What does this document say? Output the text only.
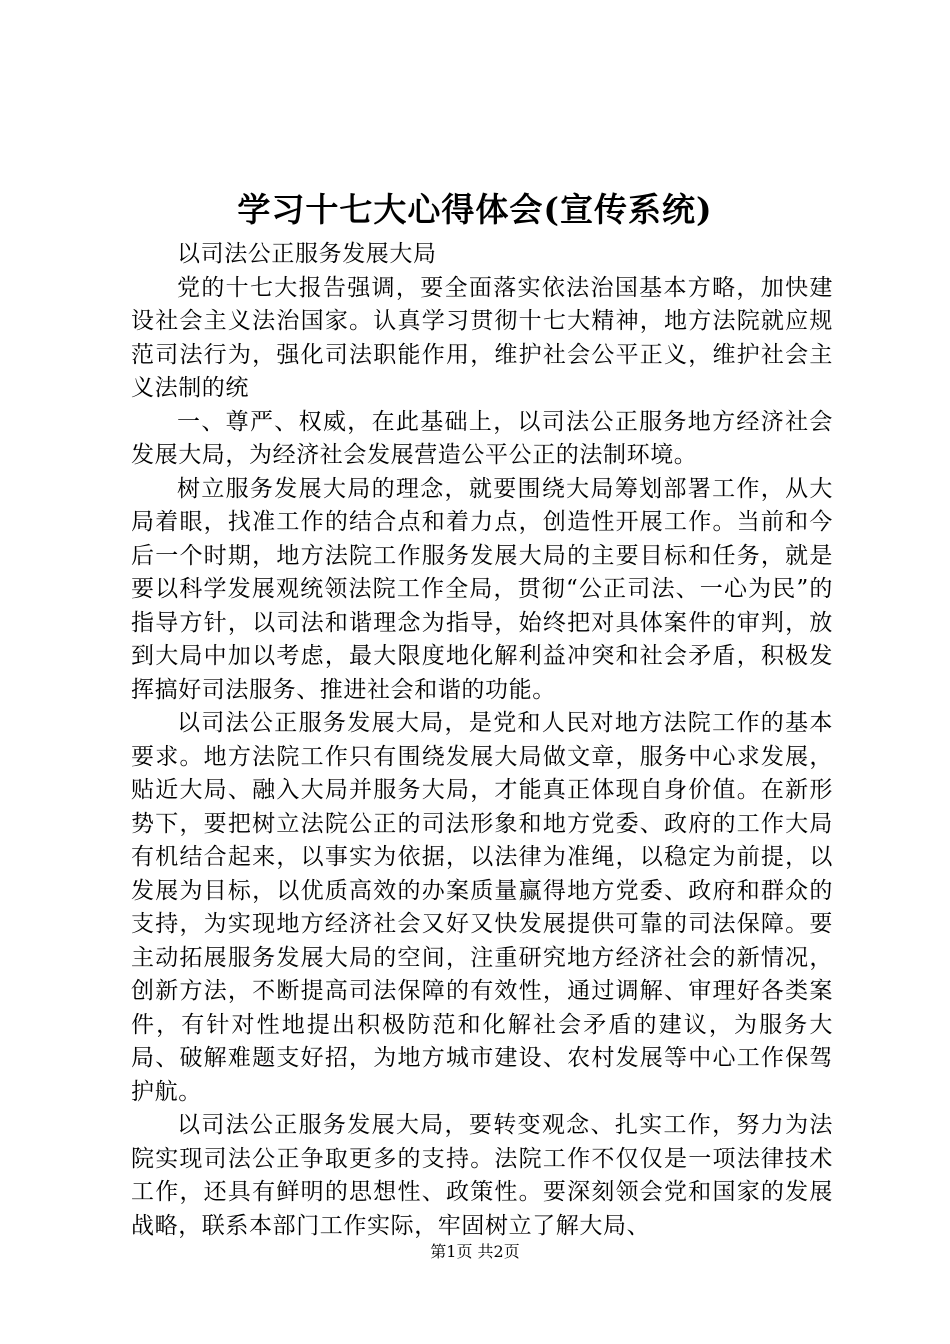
学习十七大心得体会(宣传系统)

以司法公正服务发展大局

党的十七大报告强调，要全面落实依法治国基本方略，加快建设社会主义法治国家。认真学习贯彻十七大精神，地方法院就应规范司法行为，强化司法职能作用，维护社会公平正义，维护社会主义法制的统

一、尊严、权威，在此基础上，以司法公正服务地方经济社会发展大局，为经济社会发展营造公平公正的法制环境。

树立服务发展大局的理念，就要围绕大局筹划部署工作，从大局着眼，找准工作的结合点和着力点，创造性开展工作。当前和今后一个时期，地方法院工作服务发展大局的主要目标和任务，就是要以科学发展观统领法院工作全局，贯彻“公正司法、一心为民”的指导方针，以司法和谐理念为指导，始终把对具体案件的审判，放到大局中加以考虑，最大限度地化解利益冲突和社会矛盾，积极发挥搞好司法服务、推进社会和谐的功能。

以司法公正服务发展大局，是党和人民对地方法院工作的基本要求。地方法院工作只有围绕发展大局做文章，服务中心求发展，贴近大局、融入大局并服务大局，才能真正体现自身价值。在新形势下，要把树立法院公正的司法形象和地方党委、政府的工作大局有机结合起来，以事实为依据，以法律为准绳，以稳定为前提，以发展为目标，以优质高效的办案质量赢得地方党委、政府和群众的支持，为实现地方经济社会又好又快发展提供可靠的司法保障。要主动拓展服务发展大局的空间，注重研究地方经济社会的新情况，创新方法，不断提高司法保障的有效性，通过调解、审理好各类案件，有针对性地提出积极防范和化解社会矛盾的建议，为服务大局、破解难题支好招，为地方城市建设、农村发展等中心工作保驾护航。

以司法公正服务发展大局，要转变观念、扎实工作，努力为法院实现司法公正争取更多的支持。法院工作不仅仅是一项法律技术工作，还具有鲜明的思想性、政策性。要深刻领会党和国家的发展战略，联系本部门工作实际，牢固树立了解大局、

第1页 共2页
